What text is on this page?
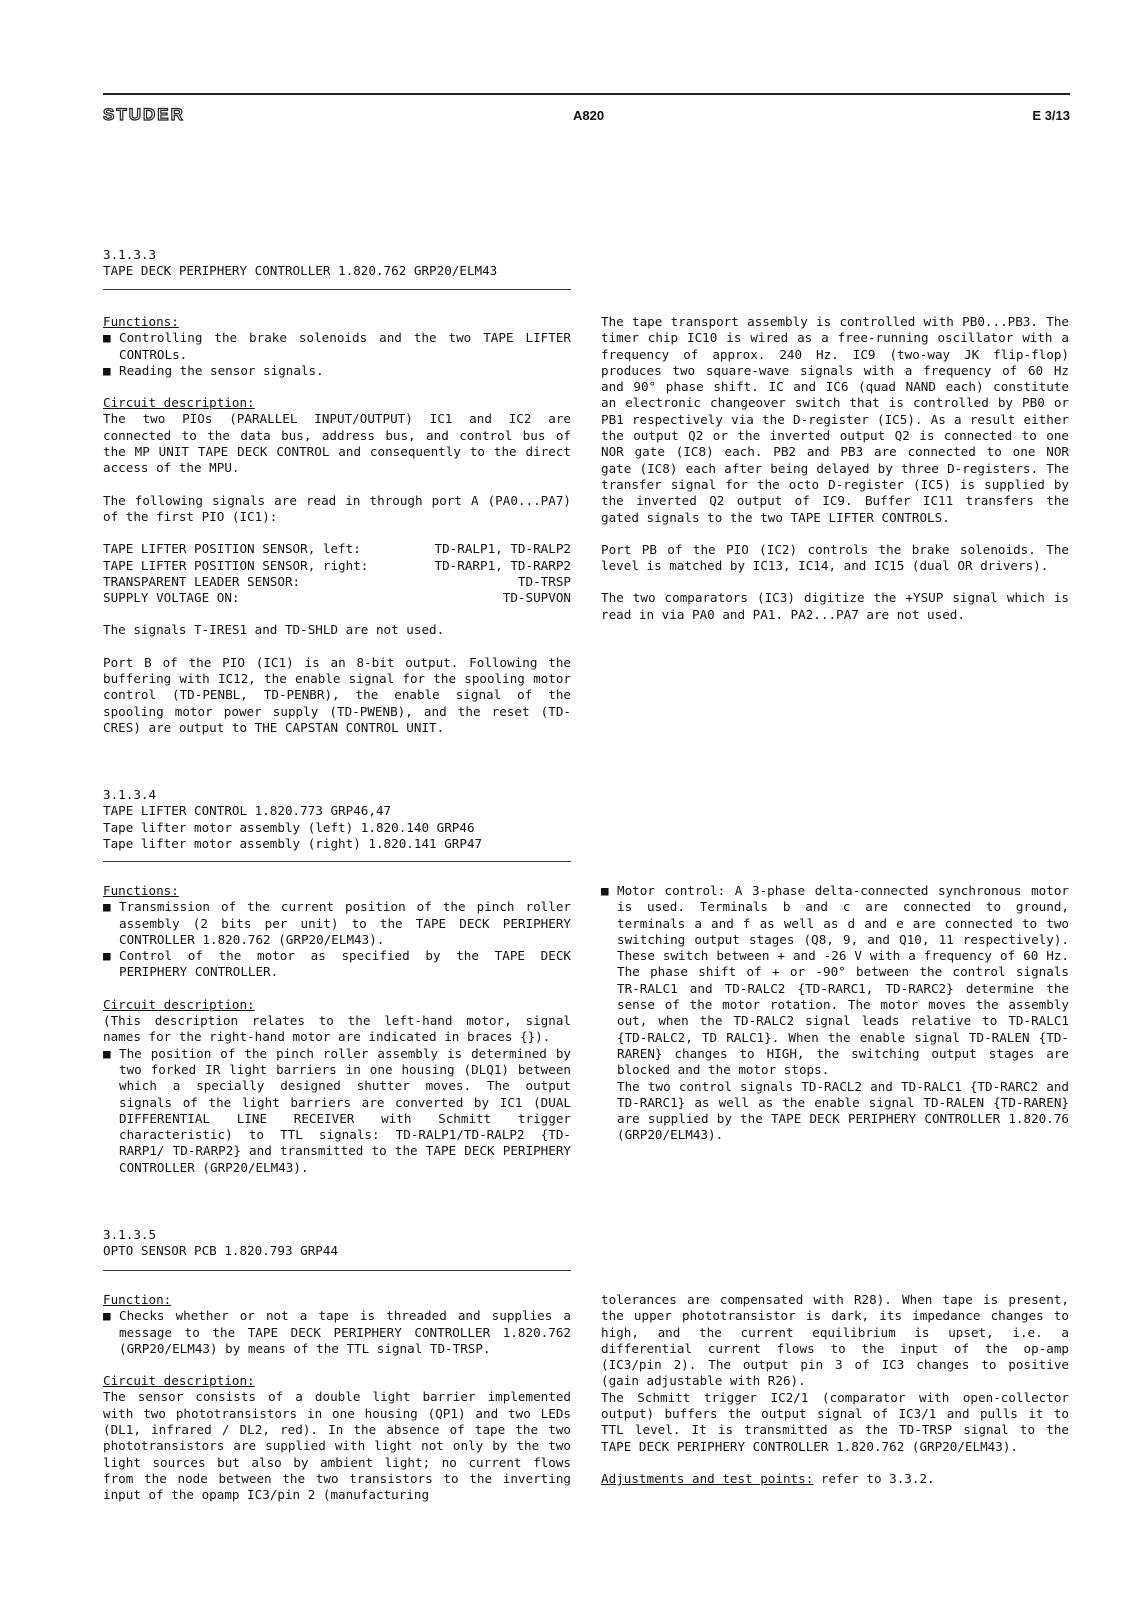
STUDER	A820	E 3/13
3.1.3.3
TAPE DECK PERIPHERY CONTROLLER 1.820.762 GRP20/ELM43

Functions:

■ Controlling the brake solenoids and the two TAPE LIFTER CONTROLs.

■ Reading the sensor signals.

Circuit description:

The two PIOs (PARALLEL INPUT/OUTPUT) IC1 and IC2 are connected to the data bus, address bus, and control bus of the MP UNIT TAPE DECK CONTROL and consequently to the direct access of the MPU.

The following signals are read in through port A (PA0...PA7) of the first PIO (IC1):

TAPE LIFTER POSITION SENSOR, left:	TD-RALP1, TD-RALP2
TAPE LIFTER POSITION SENSOR, right:	TD-RARP1, TD-RARP2
TRANSPARENT LEADER SENSOR:	TD-TRSP
SUPPLY VOLTAGE ON:	TD-SUPVON

The signals T-IRES1 and TD-SHLD are not used.

Port B of the PIO (IC1) is an 8-bit output. Following the buffering with IC12, the enable signal for the spooling motor control (TD-PENBL, TD-PENBR), the enable signal of the spooling motor power supply (TD-PWENB), and the reset (TD-CRES) are output to THE CAPSTAN CONTROL UNIT.

The tape transport assembly is controlled with PB0...PB3. The timer chip IC10 is wired as a free-running oscillator with a frequency of approx. 240 Hz. IC9 (two-way JK flip-flop) produces two square-wave signals with a frequency of 60 Hz and 90° phase shift. IC and IC6 (quad NAND each) constitute an electronic changeover switch that is controlled by PB0 or PB1 respectively via the D-register (IC5). As a result either the output Q2 or the inverted output Q2 is connected to one NOR gate (IC8) each. PB2 and PB3 are connected to one NOR gate (IC8) each after being delayed by three D-registers. The transfer signal for the octo D-register (IC5) is supplied by the inverted Q2 output of IC9. Buffer IC11 transfers the gated signals to the two TAPE LIFTER CONTROLS.

Port PB of the PIO (IC2) controls the brake solenoids. The level is matched by IC13, IC14, and IC15 (dual OR drivers).

The two comparators (IC3) digitize the +YSUP signal which is read in via PA0 and PA1. PA2...PA7 are not used.

3.1.3.4
TAPE LIFTER CONTROL 1.820.773 GRP46,47
Tape lifter motor assembly (left) 1.820.140 GRP46
Tape lifter motor assembly (right) 1.820.141 GRP47

Functions:

■ Transmission of the current position of the pinch roller assembly (2 bits per unit) to the TAPE DECK PERIPHERY CONTROLLER 1.820.762 (GRP20/ELM43).

■ Control of the motor as specified by the TAPE DECK PERIPHERY CONTROLLER.

Circuit description:

(This description relates to the left-hand motor, signal names for the right-hand motor are indicated in braces {}).

■ The position of the pinch roller assembly is determined by two forked IR light barriers in one housing (DLQ1) between which a specially designed shutter moves. The output signals of the light barriers are converted by IC1 (DUAL DIFFERENTIAL LINE RECEIVER with Schmitt trigger characteristic) to TTL signals: TD-RALP1/TD-RALP2 {TD-RARP1/ TD-RARP2} and transmitted to the TAPE DECK PERIPHERY CONTROLLER (GRP20/ELM43).

■ Motor control: A 3-phase delta-connected synchronous motor is used. Terminals b and c are connected to ground, terminals a and f as well as d and e are connected to two switching output stages (Q8, 9, and Q10, 11 respectively). These switch between + and -26 V with a frequency of 60 Hz. The phase shift of + or -90° between the control signals TR-RALC1 and TD-RALC2 {TD-RARC1, TD-RARC2} determine the sense of the motor rotation. The motor moves the assembly out, when the TD-RALC2 signal leads relative to TD-RALC1 {TD-RALC2, TD RALC1}. When the enable signal TD-RALEN {TD-RAREN} changes to HIGH, the switching output stages are blocked and the motor stops.

The two control signals TD-RACL2 and TD-RALC1 {TD-RARC2 and TD-RARC1} as well as the enable signal TD-RALEN {TD-RAREN} are supplied by the TAPE DECK PERIPHERY CONTROLLER 1.820.76 (GRP20/ELM43).

3.1.3.5
OPTO SENSOR PCB 1.820.793 GRP44

Function:

■ Checks whether or not a tape is threaded and supplies a message to the TAPE DECK PERIPHERY CONTROLLER 1.820.762 (GRP20/ELM43) by means of the TTL signal TD-TRSP.

Circuit description:

The sensor consists of a double light barrier implemented with two phototransistors in one housing (QP1) and two LEDs (DL1, infrared / DL2, red). In the absence of tape the two phototransistors are supplied with light not only by the two light sources but also by ambient light; no current flows from the node between the two transistors to the inverting input of the opamp IC3/pin 2 (manufacturing

tolerances are compensated with R28). When tape is present, the upper phototransistor is dark, its impedance changes to high, and the current equilibrium is upset, i.e. a differential current flows to the input of the op-amp (IC3/pin 2). The output pin 3 of IC3 changes to positive (gain adjustable with R26).

The Schmitt trigger IC2/1 (comparator with open-collector output) buffers the output signal of IC3/1 and pulls it to TTL level. It is transmitted as the TD-TRSP signal to the TAPE DECK PERIPHERY CONTROLLER 1.820.762 (GRP20/ELM43).

Adjustments and test points: refer to 3.3.2.
